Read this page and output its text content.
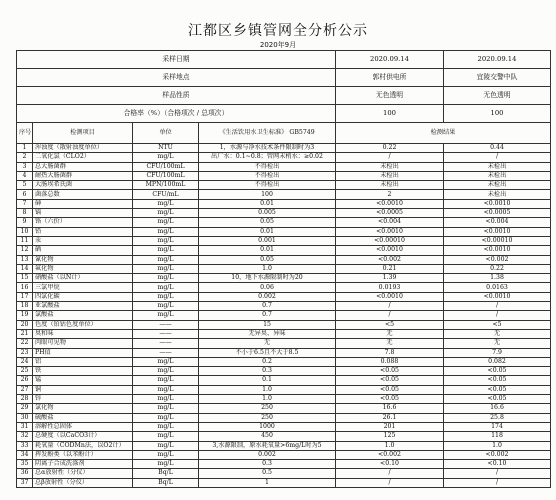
江都区乡镇管网全分析公示
2020年9月
采样日期				2020.09.14	2020.09.14
采样地点				郭村供电所	宜陵交警中队
样品性质				无色透明	无色透明
合格率（%）（合格项次 / 总项次）				100	100
序号	检测项目	单位	《生活饮用水卫生标准》 GB5749	检测结果	
1	浑浊度（散射浊度单位）	NTU	1，水源与净水技术条件限制时为3	0.22	0.44
2	二氧化氯（CLO2）	mg/L	出厂水：0.1~0.8；管网末梢水：≥0.02	/	/
3	总大肠菌群	CFU/100mL	不得检出	未检出	未检出
4	耐热大肠菌群	CFU/100mL	不得检出	未检出	未检出
5	大肠埃希氏菌	MPN/100mL	不得检出	未检出	未检出
6	菌落总数	CFU/mL	100	2	未检出
7	砷	mg/L	0.01	<0.0010	<0.0010
8	镉	mg/L	0.005	<0.0005	<0.0005
9	铬（六价）	mg/L	0.05	<0.004	<0.004
10	铅	mg/L	0.01	<0.0010	<0.0010
11	汞	mg/L	0.001	<0.00010	<0.00010
12	硒	mg/L	0.01	<0.0010	<0.0010
13	氰化物	mg/L	0.05	<0.002	<0.002
14	氟化物	mg/L	1.0	0.21	0.22
15	硝酸盐（以N计）	mg/L	10，地下水源限制时为20	1.39	1.38
16	三氯甲烷	mg/L	0.06	0.0193	0.0163
17	四氯化碳	mg/L	0.002	<0.0010	<0.0010
18	亚氯酸盐	mg/L	0.7	/	/
19	氯酸盐	mg/L	0.7	/	/
20	色度（铂钴色度单位）	——	15	<5	<5
21	臭和味	——	无异臭、异味	无	无
22	肉眼可见物	——	无	无	无
23	PH值	——	不小于6.5且不大于8.5	7.8	7.9
24	铝	mg/L	0.2	0.088	0.082
25	铁	mg/L	0.3	<0.05	<0.05
26	锰	mg/L	0.1	<0.05	<0.05
27	铜	mg/L	1.0	<0.05	<0.05
28	锌	mg/L	1.0	<0.05	<0.05
29	氯化物	mg/L	250	16.6	16.6
30	硫酸盐	mg/L	250	26.1	25.8
31	溶解性总固体	mg/L	1000	201	174
32	总硬度（以CaCO3计）	mg/L	450	125	118
33	耗氧量（CODMn法，以O2计）	mg/L	3,水源限制，原水耗氧量>6mg/L时为5	1.0	1.0
34	挥发酚类（以苯酚计）	mg/L	0.002	<0.002	<0.002
35	阴离子合成洗涤剂	mg/L	0.3	<0.10	<0.10
36	总α放射性（分仪）	Bq/L	0.5	/	/
37	总β放射性（分仪）	Bq/L	1	/	/
